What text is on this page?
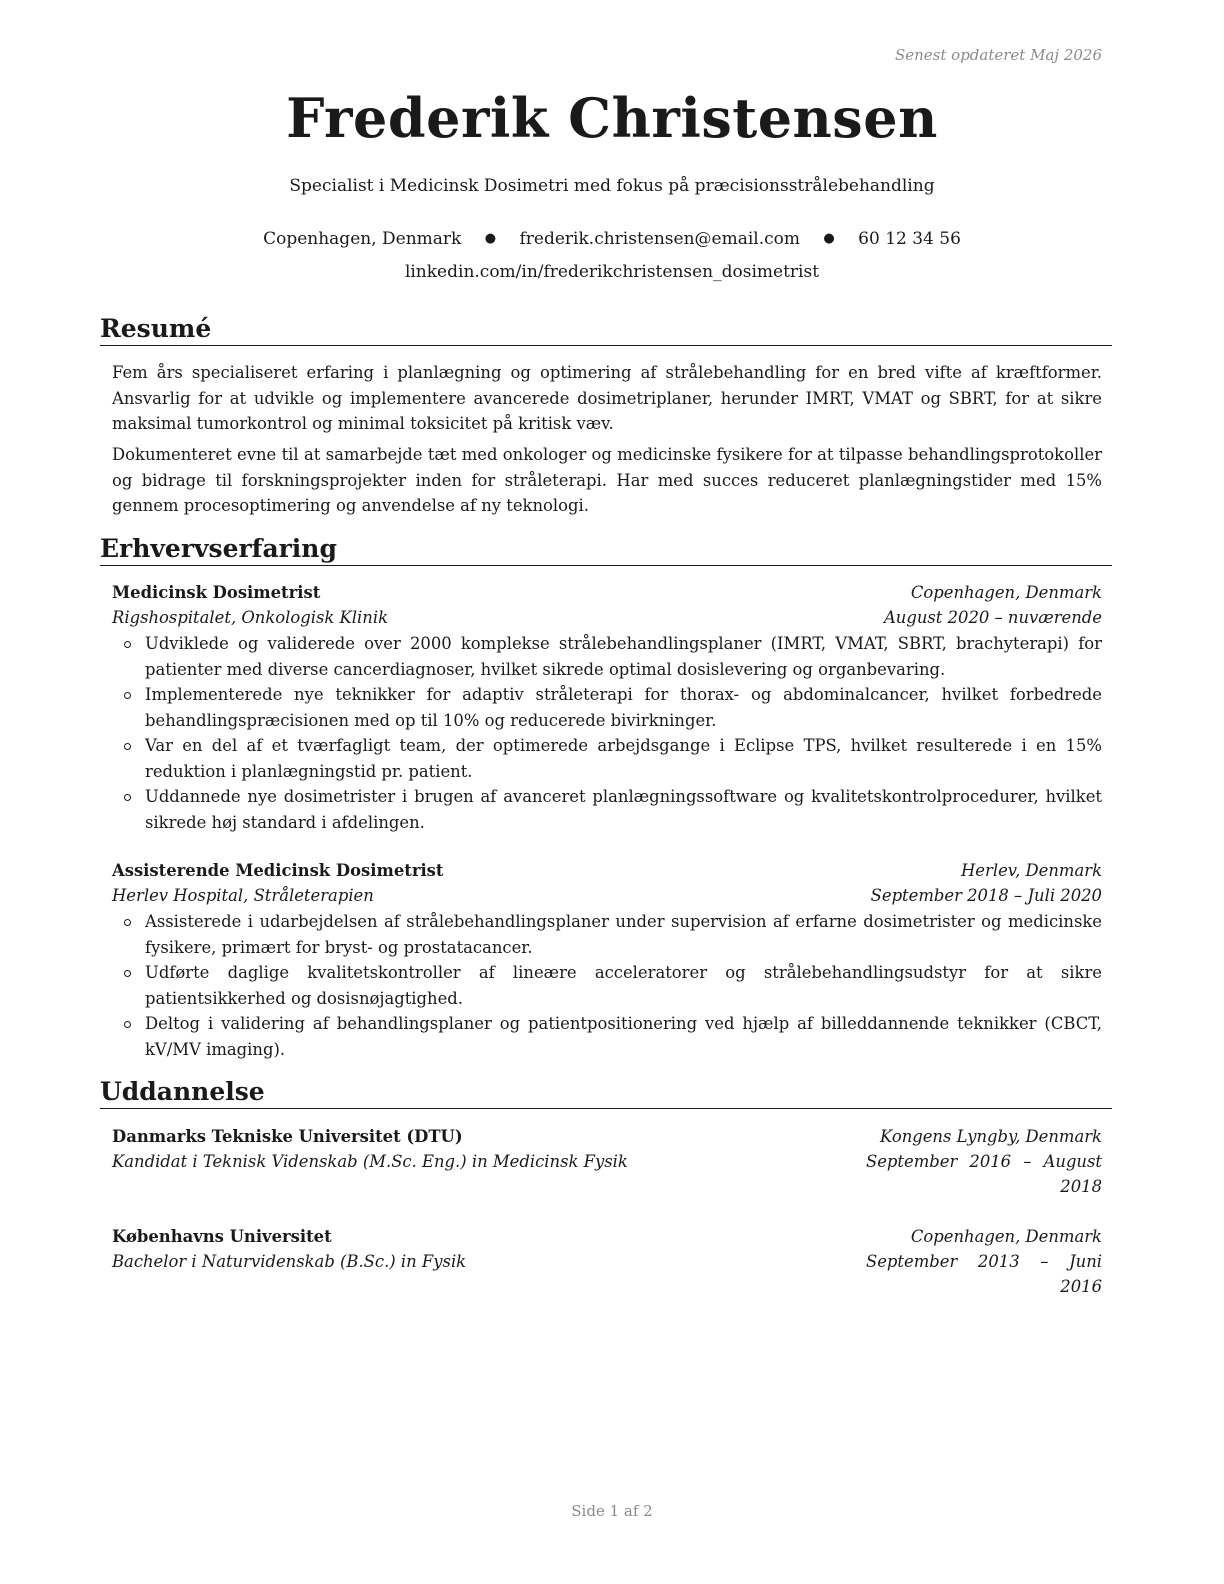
Senest opdateret Maj 2026
Frederik Christensen
Specialist i Medicinsk Dosimetri med fokus på præcisionsstrålebehandling
Copenhagen, Denmark ● frederik.christensen@email.com ● 60 12 34 56
linkedin.com/in/frederikchristensen_dosimetrist
Resumé

Fem års specialiseret erfaring i planlægning og optimering af strålebehandling for en bred vifte af kræftformer. Ansvarlig for at udvikle og implementere avancerede dosimetriplaner, herunder IMRT, VMAT og SBRT, for at sikre maksimal tumorkontrol og minimal toksicitet på kritisk væv.

Dokumenteret evne til at samarbejde tæt med onkologer og medicinske fysikere for at tilpasse behandlingsprotokoller og bidrage til forskningsprojekter inden for stråleterapi. Har med succes reduceret planlægningstider med 15% gennem procesoptimering og anvendelse af ny teknologi.

Erhvervserfaring
Medicinsk Dosimetrist	Copenhagen, Denmark
Rigshospitalet, Onkologisk Klinik	August 2020 – nuværende
Udviklede og validerede over 2000 komplekse strålebehandlingsplaner (IMRT, VMAT, SBRT, brachyterapi) for patienter med diverse cancerdiagnoser, hvilket sikrede optimal dosislevering og organbevaring.
Implementerede nye teknikker for adaptiv stråleterapi for thorax- og abdominalcancer, hvilket forbedrede behandlingspræcisionen med op til 10% og reducerede bivirkninger.
Var en del af et tværfagligt team, der optimerede arbejdsgange i Eclipse TPS, hvilket resulterede i en 15% reduktion i planlægningstid pr. patient.
Uddannede nye dosimetrister i brugen af avanceret planlægningssoftware og kvalitetskontrolprocedurer, hvilket sikrede høj standard i afdelingen.
Assisterende Medicinsk Dosimetrist	Herlev, Denmark
Herlev Hospital, Stråleterapien	September 2018 – Juli 2020
Assisterede i udarbejdelsen af strålebehandlingsplaner under supervision af erfarne dosimetrister og medicinske fysikere, primært for bryst- og prostatacancer.
Udførte daglige kvalitetskontroller af lineære acceleratorer og strålebehandlingsudstyr for at sikre patientsikkerhed og dosisnøjagtighed.
Deltog i validering af behandlingsplaner og patientpositionering ved hjælp af billeddannende teknikker (CBCT, kV/MV imaging).
Uddannelse
Danmarks Tekniske Universitet (DTU)	Kongens Lyngby, Denmark
Kandidat i Teknisk Videnskab (M.Sc. Eng.) in Medicinsk Fysik	September 2016 – August
2018
Københavns Universitet	Copenhagen, Denmark
Bachelor i Naturvidenskab (B.Sc.) in Fysik	September 2013 – Juni
2016
Side 1 af 2
